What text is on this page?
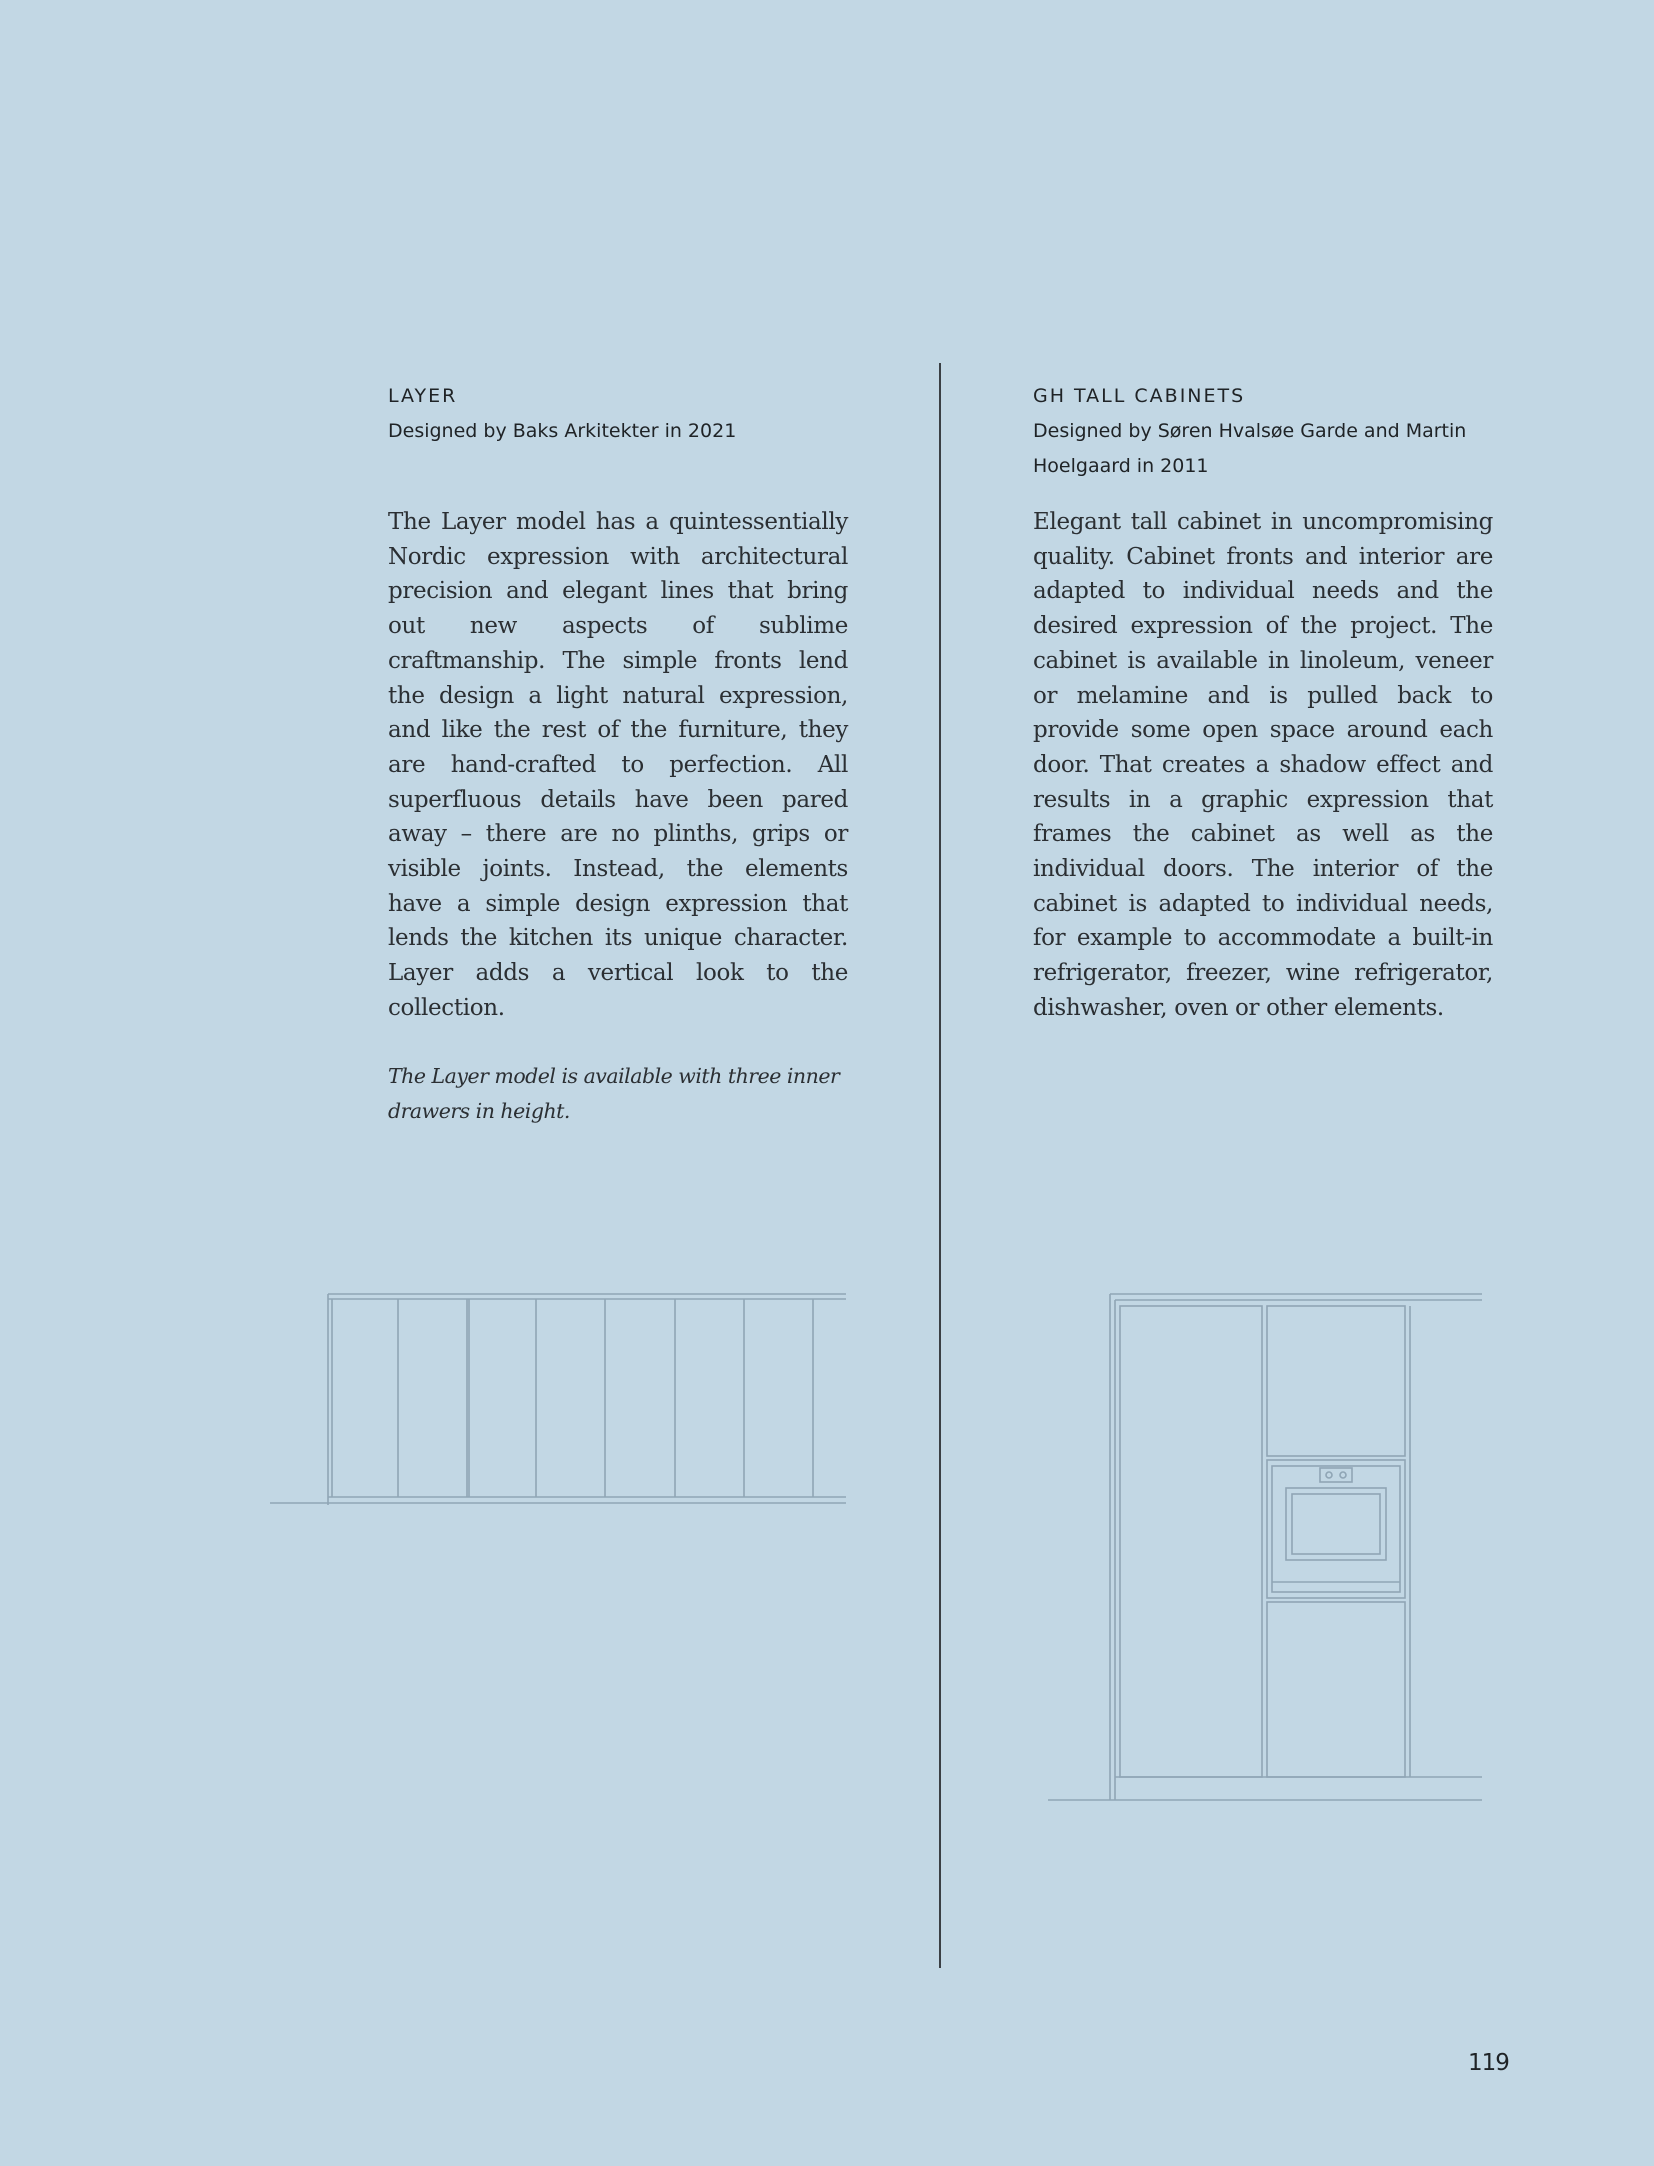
LAYER

Designed by Baks Arkitekter in 2021

The Layer model has a quintessentially Nordic expression with architectural precision and elegant lines that bring out new aspects of sublime craftmanship. The simple fronts lend the design a light natural expression, and like the rest of the furniture, they are hand-crafted to perfection. All superfluous details have been pared away – there are no plinths, grips or visible joints. Instead, the elements have a simple design expression that lends the kitchen its unique character. Layer adds a vertical look to the collection.

The Layer model is available with three inner drawers in height.

GH TALL CABINETS

Designed by Søren Hvalsøe Garde and Martin

Hoelgaard in 2011

Elegant tall cabinet in uncompromising quality. Cabinet fronts and interior are adapted to individual needs and the desired expression of the project. The cabinet is available in linoleum, veneer or melamine and is pulled back to provide some open space around each door. That creates a shadow effect and results in a graphic expression that frames the cabinet as well as the individual doors. The interior of the cabinet is adapted to individual needs, for example to accommodate a built-in refrigerator, freezer, wine refrigerator, dishwasher, oven or other elements.

119
